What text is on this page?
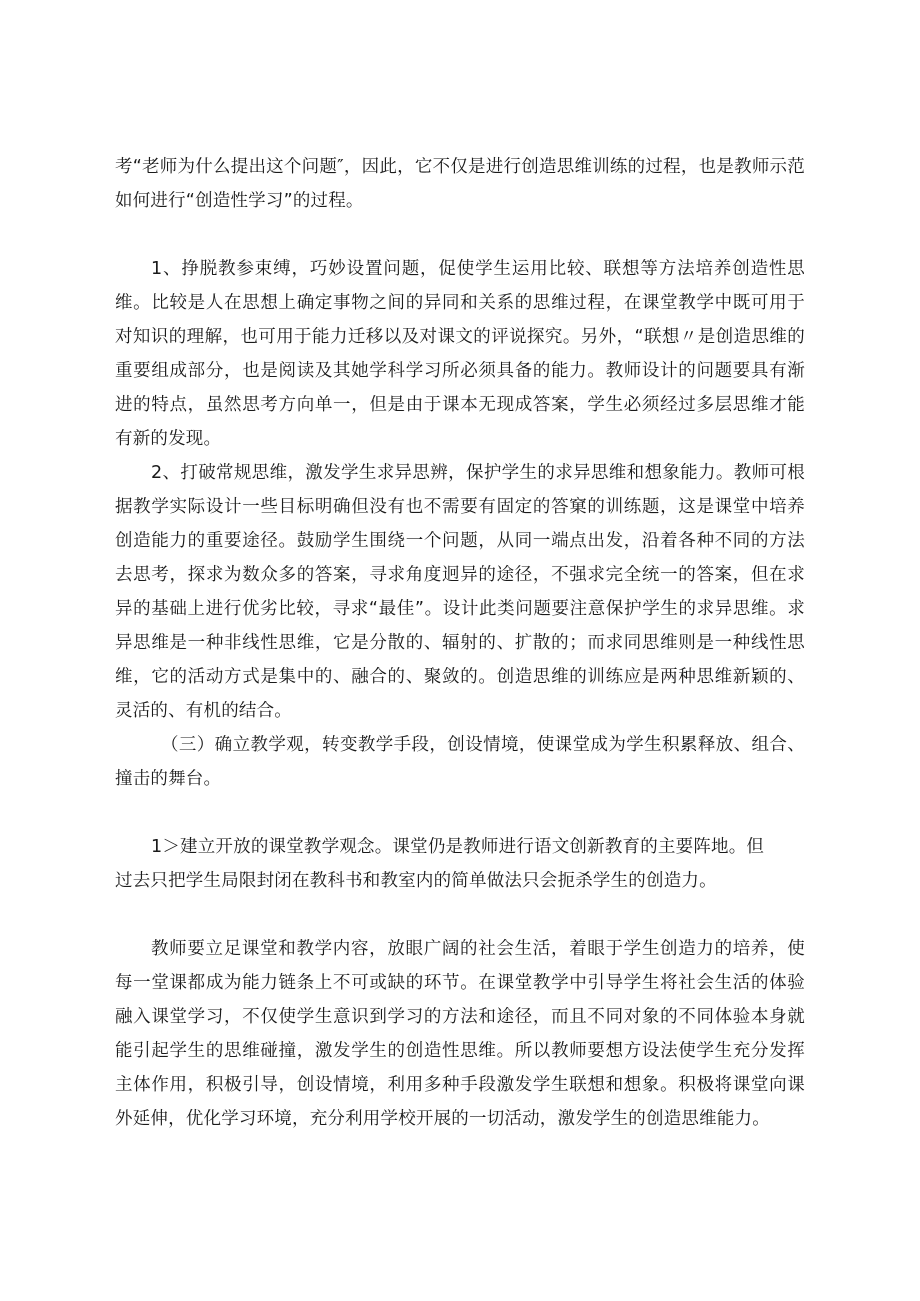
考“老师为什么提出这个问题″，因此，它不仅是进行创造思维训练的过程，也是教师示范如何进行“创造性学习”的过程。

1、挣脱教参束缚，巧妙设置问题，促使学生运用比较、联想等方法培养创造性思维。比较是人在思想上确定事物之间的异同和关系的思维过程，在课堂教学中既可用于对知识的理解，也可用于能力迁移以及对课文的评说探究。另外，“联想〃是创造思维的重要组成部分，也是阅读及其她学科学习所必须具备的能力。教师设计的问题要具有渐进的特点，虽然思考方向单一，但是由于课本无现成答案，学生必须经过多层思维才能有新的发现。

2、打破常规思维，激发学生求异思辨，保护学生的求异思维和想象能力。教师可根据教学实际设计一些目标明确但没有也不需要有固定的答窠的训练题，这是课堂中培养创造能力的重要途径。鼓励学生围绕一个问题，从同一端点出发，沿着各种不同的方法去思考，探求为数众多的答案，寻求角度迥异的途径，不强求完全统一的答案，但在求异的基础上进行优劣比较，寻求“最佳”。设计此类问题要注意保护学生的求异思维。求异思维是一种非线性思维，它是分散的、辐射的、扩散的；而求同思维则是一种线性思维，它的活动方式是集中的、融合的、聚敛的。创造思维的训练应是两种思维新颖的、灵活的、有机的结合。

（三）确立教学观，转变教学手段，创设情境，使课堂成为学生积累释放、组合、撞击的舞台。

1＞建立开放的课堂教学观念。课堂仍是教师进行语文创新教育的主要阵地。但
过去只把学生局限封闭在教科书和教室内的简单做法只会扼杀学生的创造力。

教师要立足课堂和教学内容，放眼广阔的社会生活，着眼于学生创造力的培养，使每一堂课都成为能力链条上不可或缺的环节。在课堂教学中引导学生将社会生活的体验融入课堂学习，不仅使学生意识到学习的方法和途径，而且不同对象的不同体验本身就能引起学生的思维碰撞，激发学生的创造性思维。所以教师要想方设法使学生充分发挥主体作用，积极引导，创设情境，利用多种手段激发学生联想和想象。积极将课堂向课外延伸，优化学习环境，充分利用学校开展的一切活动，激发学生的创造思维能力。
